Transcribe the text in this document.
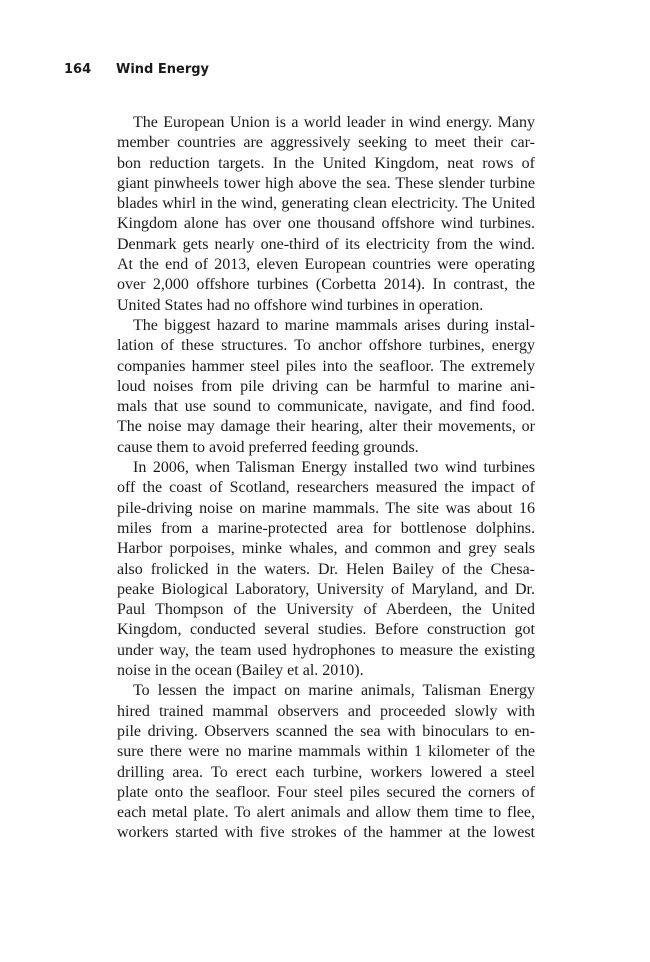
164 Wind Energy

The European Union is a world leader in wind energy. Many
member countries are aggressively seeking to meet their car-
bon reduction targets. In the United Kingdom, neat rows of
giant pinwheels tower high above the sea. These slender turbine
blades whirl in the wind, generating clean electricity. The United
Kingdom alone has over one thousand offshore wind turbines.
Denmark gets nearly one-third of its electricity from the wind.
At the end of 2013, eleven European countries were operating
over 2,000 offshore turbines (Corbetta 2014). In contrast, the
United States had no offshore wind turbines in operation.

The biggest hazard to marine mammals arises during instal-
lation of these structures. To anchor offshore turbines, energy
companies hammer steel piles into the seafloor. The extremely
loud noises from pile driving can be harmful to marine ani-
mals that use sound to communicate, navigate, and find food.
The noise may damage their hearing, alter their movements, or
cause them to avoid preferred feeding grounds.

In 2006, when Talisman Energy installed two wind turbines
off the coast of Scotland, researchers measured the impact of
pile-driving noise on marine mammals. The site was about 16
miles from a marine-protected area for bottlenose dolphins.
Harbor porpoises, minke whales, and common and grey seals
also frolicked in the waters. Dr. Helen Bailey of the Chesa-
peake Biological Laboratory, University of Maryland, and Dr.
Paul Thompson of the University of Aberdeen, the United
Kingdom, conducted several studies. Before construction got
under way, the team used hydrophones to measure the existing
noise in the ocean (Bailey et al. 2010).

To lessen the impact on marine animals, Talisman Energy
hired trained mammal observers and proceeded slowly with
pile driving. Observers scanned the sea with binoculars to en-
sure there were no marine mammals within 1 kilometer of the
drilling area. To erect each turbine, workers lowered a steel
plate onto the seafloor. Four steel piles secured the corners of
each metal plate. To alert animals and allow them time to flee,
workers started with five strokes of the hammer at the lowest
